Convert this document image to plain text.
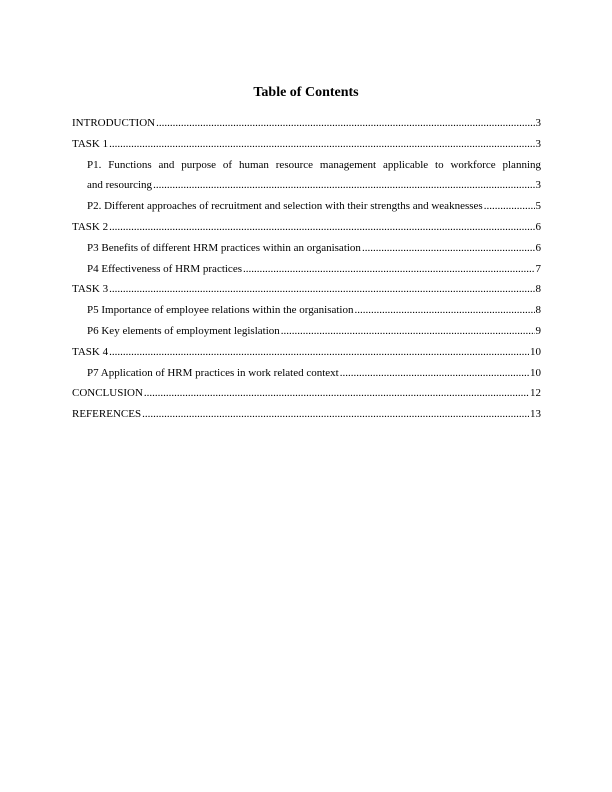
Table of Contents
INTRODUCTION .....	3
TASK 1 .....	3
P1. Functions and purpose of human resource management applicable to workforce planning
and resourcing .....	3
P2. Different approaches of recruitment and selection with their strengths and weaknesses .....	5
TASK 2 .....	6
P3 Benefits of different HRM practices within an organisation .....	6
P4 Effectiveness of HRM practices .....	7
TASK 3 .....	8
P5 Importance of employee relations within the organisation .....	8
P6 Key elements of employment legislation .....	9
TASK 4 .....	10
P7 Application of HRM practices in work related context .....	10
CONCLUSION .....	12
REFERENCES .....	13
